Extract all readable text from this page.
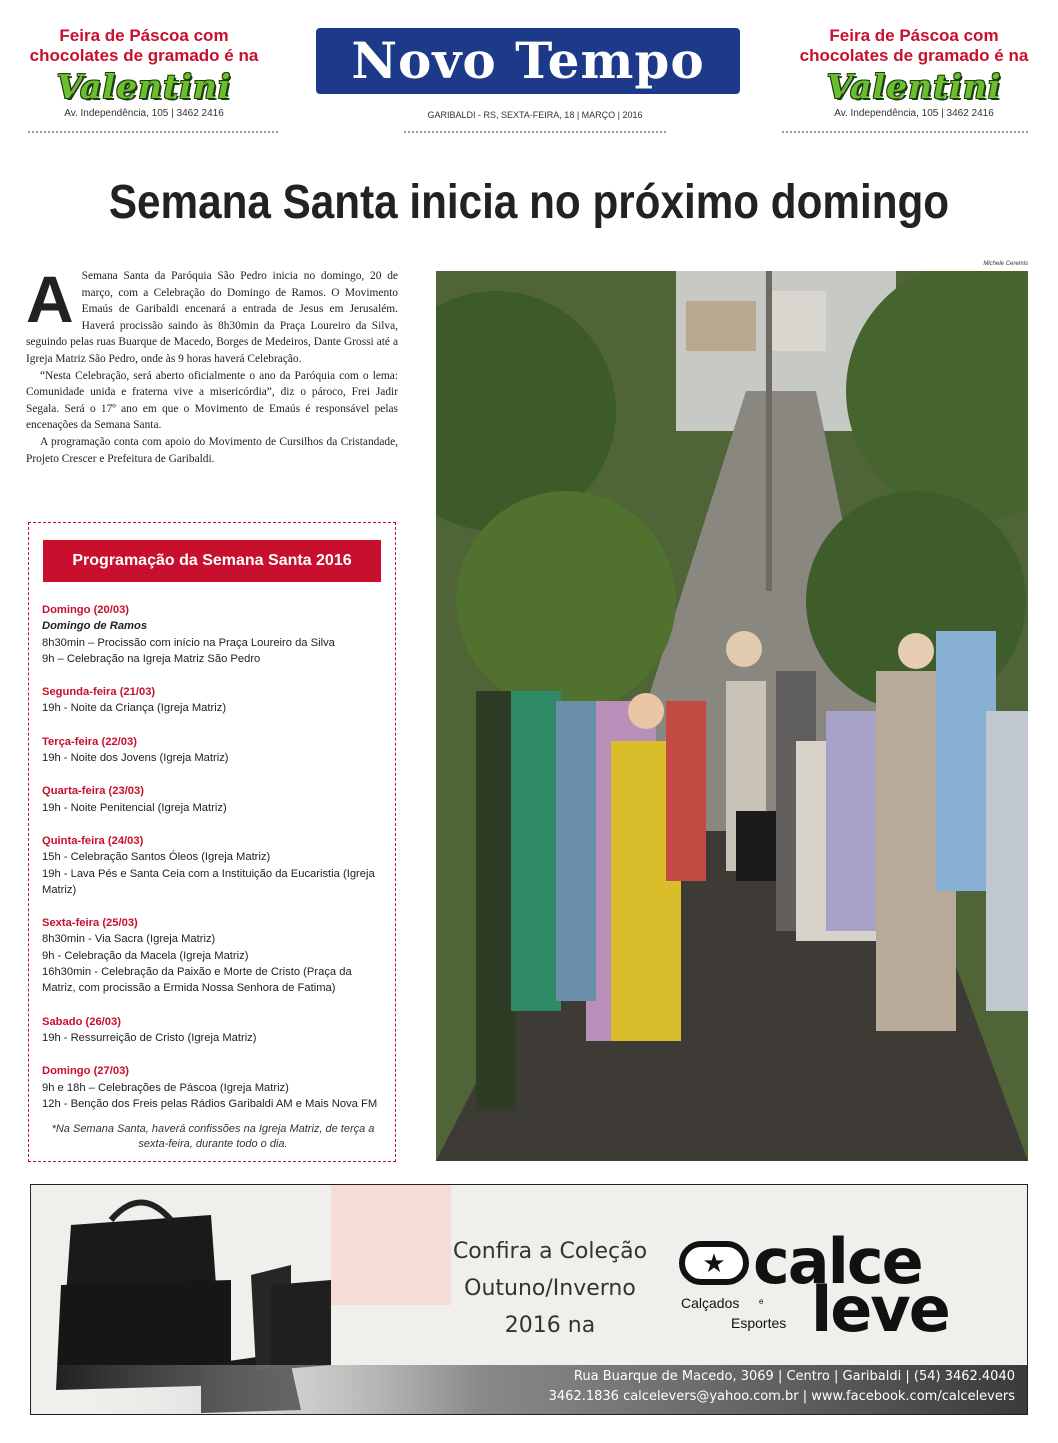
Feira de Páscoa com
chocolates de gramado é na
Valentini
Av. Independência, 105 | 3462 2416
Novo Tempo
GARIBALDI - RS, SEXTA-FEIRA, 18 | MARÇO | 2016
Feira de Páscoa com
chocolates de gramado é na
Valentini
Av. Independência, 105 | 3462 2416
Semana Santa inicia no próximo domingo
A Semana Santa da Paróquia São Pedro inicia no domingo, 20 de março, com a Celebração do Domingo de Ramos. O Movimento Emaús de Garibaldi encenará a entrada de Jesus em Jerusalém. Haverá procissão saindo às 8h30min da Praça Loureiro da Silva, seguindo pelas ruas Buarque de Macedo, Borges de Medeiros, Dante Grossi até a Igreja Matriz São Pedro, onde às 9 horas haverá Celebração.

“Nesta Celebração, será aberto oficialmente o ano da Paróquia com o lema: Comunidade unida e fraterna vive a misericórdia”, diz o pároco, Frei Jadir Segala. Será o 17º ano em que o Movimento de Emaús é responsável pelas encenações da Semana Santa.

A programação conta com apoio do Movimento de Cursilhos da Cristandade, Projeto Crescer e Prefeitura de Garibaldi.

Programação da Semana Santa 2016
Domingo (20/03)
Domingo de Ramos
8h30min – Procissão com início na Praça Loureiro da Silva
9h – Celebração na Igreja Matriz São Pedro
Segunda-feira (21/03)
19h - Noite da Criança (Igreja Matriz)
Terça-feira (22/03)
19h - Noite dos Jovens (Igreja Matriz)
Quarta-feira (23/03)
19h - Noite Penitencial (Igreja Matriz)
Quinta-feira (24/03)
15h - Celebração Santos Óleos (Igreja Matriz)
19h - Lava Pés e Santa Ceia com a Instituição da Eucaristia (Igreja Matriz)
Sexta-feira (25/03)
8h30min - Via Sacra (Igreja Matriz)
9h - Celebração da Macela (Igreja Matriz)
16h30min - Celebração da Paixão e Morte de Cristo (Praça da Matriz, com procissão a Ermida Nossa Senhora de Fatima)
Sabado (26/03)
19h - Ressurreição de Cristo (Igreja Matriz)
Domingo (27/03)
9h e 18h – Celebrações de Páscoa (Igreja Matriz)
12h - Benção dos Freis pelas Rádios Garibaldi AM e Mais Nova FM
*Na Semana Santa, haverá confissões na Igreja Matriz, de terça a sexta-feira, durante todo o dia.
Michele Ceremis
Confira a Coleção
Outuno/Inverno
2016 na
★ calce
leve
Calçados e
Esportes
Rua Buarque de Macedo, 3069 | Centro | Garibaldi | (54) 3462.4040
3462.1836 calcelevers@yahoo.com.br | www.facebook.com/calcelevers
